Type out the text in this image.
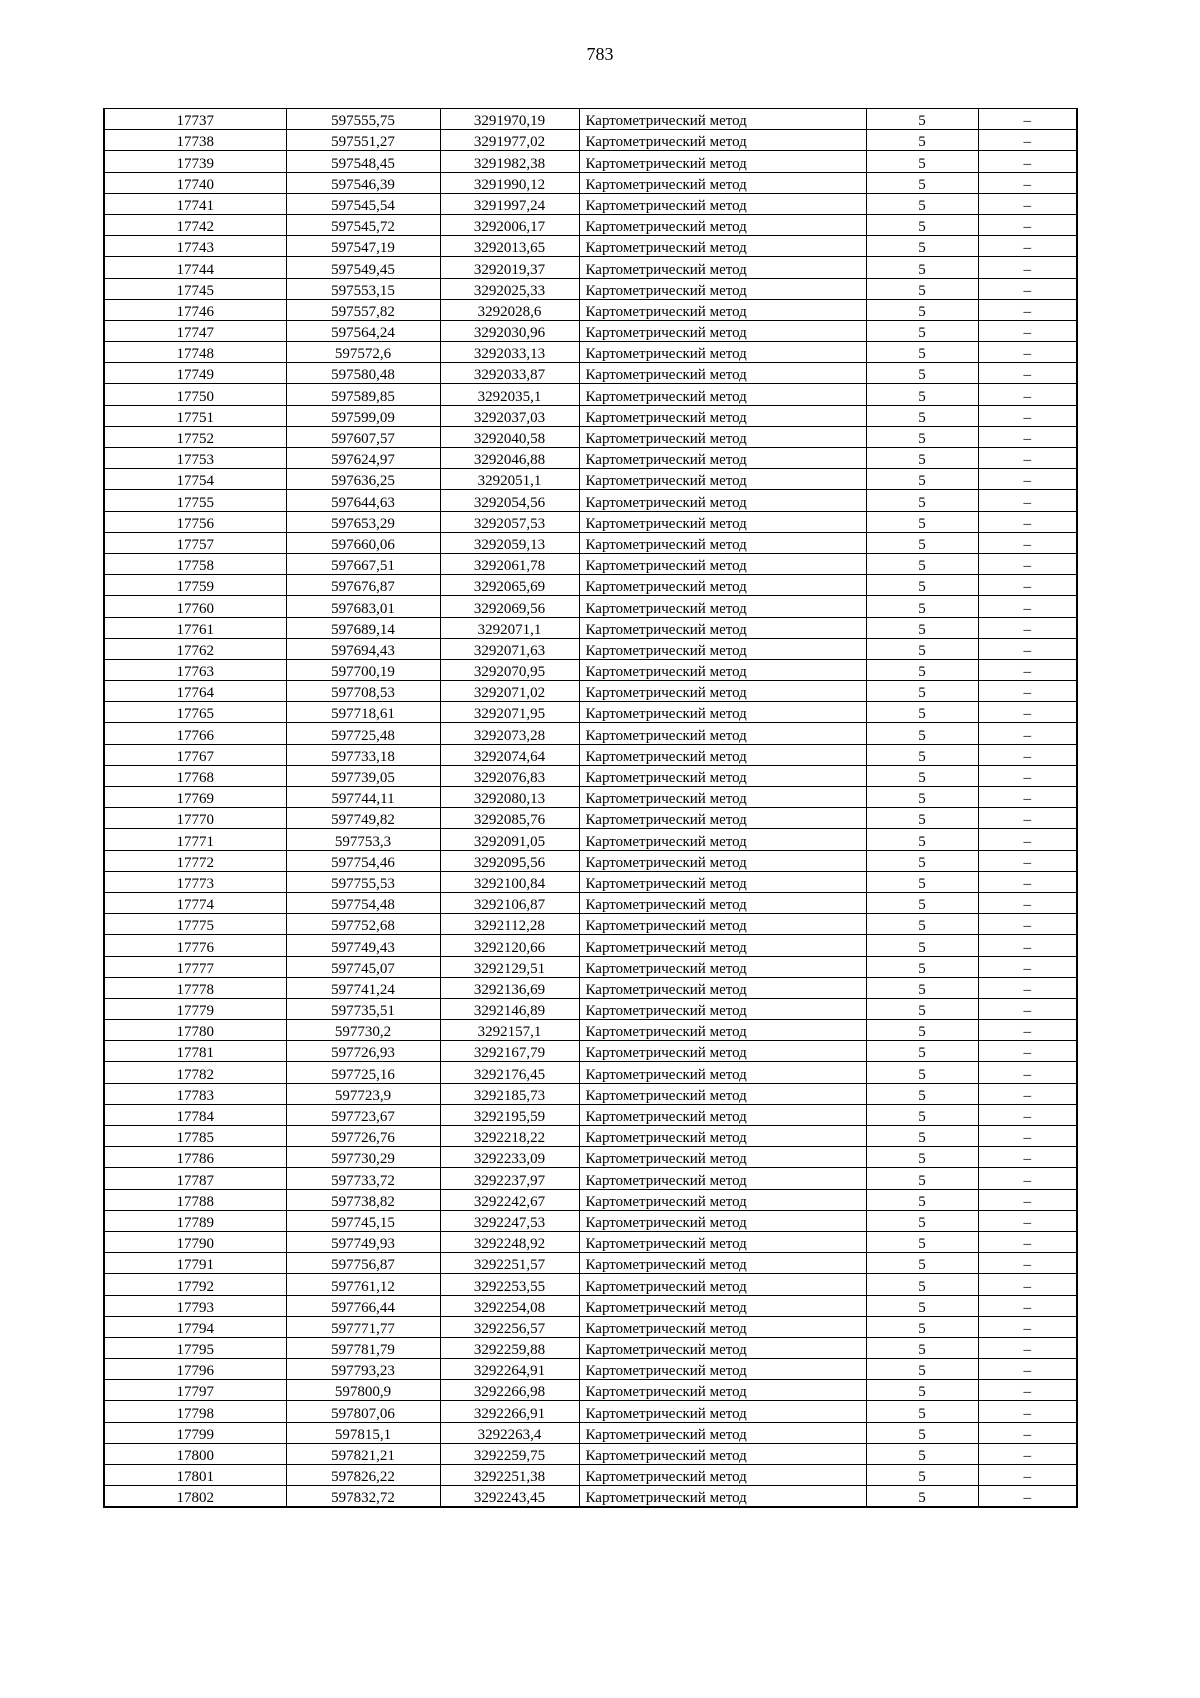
783
17737	597555,75	3291970,19	Картометрический метод	5	–
17738	597551,27	3291977,02	Картометрический метод	5	–
17739	597548,45	3291982,38	Картометрический метод	5	–
17740	597546,39	3291990,12	Картометрический метод	5	–
17741	597545,54	3291997,24	Картометрический метод	5	–
17742	597545,72	3292006,17	Картометрический метод	5	–
17743	597547,19	3292013,65	Картометрический метод	5	–
17744	597549,45	3292019,37	Картометрический метод	5	–
17745	597553,15	3292025,33	Картометрический метод	5	–
17746	597557,82	3292028,6	Картометрический метод	5	–
17747	597564,24	3292030,96	Картометрический метод	5	–
17748	597572,6	3292033,13	Картометрический метод	5	–
17749	597580,48	3292033,87	Картометрический метод	5	–
17750	597589,85	3292035,1	Картометрический метод	5	–
17751	597599,09	3292037,03	Картометрический метод	5	–
17752	597607,57	3292040,58	Картометрический метод	5	–
17753	597624,97	3292046,88	Картометрический метод	5	–
17754	597636,25	3292051,1	Картометрический метод	5	–
17755	597644,63	3292054,56	Картометрический метод	5	–
17756	597653,29	3292057,53	Картометрический метод	5	–
17757	597660,06	3292059,13	Картометрический метод	5	–
17758	597667,51	3292061,78	Картометрический метод	5	–
17759	597676,87	3292065,69	Картометрический метод	5	–
17760	597683,01	3292069,56	Картометрический метод	5	–
17761	597689,14	3292071,1	Картометрический метод	5	–
17762	597694,43	3292071,63	Картометрический метод	5	–
17763	597700,19	3292070,95	Картометрический метод	5	–
17764	597708,53	3292071,02	Картометрический метод	5	–
17765	597718,61	3292071,95	Картометрический метод	5	–
17766	597725,48	3292073,28	Картометрический метод	5	–
17767	597733,18	3292074,64	Картометрический метод	5	–
17768	597739,05	3292076,83	Картометрический метод	5	–
17769	597744,11	3292080,13	Картометрический метод	5	–
17770	597749,82	3292085,76	Картометрический метод	5	–
17771	597753,3	3292091,05	Картометрический метод	5	–
17772	597754,46	3292095,56	Картометрический метод	5	–
17773	597755,53	3292100,84	Картометрический метод	5	–
17774	597754,48	3292106,87	Картометрический метод	5	–
17775	597752,68	3292112,28	Картометрический метод	5	–
17776	597749,43	3292120,66	Картометрический метод	5	–
17777	597745,07	3292129,51	Картометрический метод	5	–
17778	597741,24	3292136,69	Картометрический метод	5	–
17779	597735,51	3292146,89	Картометрический метод	5	–
17780	597730,2	3292157,1	Картометрический метод	5	–
17781	597726,93	3292167,79	Картометрический метод	5	–
17782	597725,16	3292176,45	Картометрический метод	5	–
17783	597723,9	3292185,73	Картометрический метод	5	–
17784	597723,67	3292195,59	Картометрический метод	5	–
17785	597726,76	3292218,22	Картометрический метод	5	–
17786	597730,29	3292233,09	Картометрический метод	5	–
17787	597733,72	3292237,97	Картометрический метод	5	–
17788	597738,82	3292242,67	Картометрический метод	5	–
17789	597745,15	3292247,53	Картометрический метод	5	–
17790	597749,93	3292248,92	Картометрический метод	5	–
17791	597756,87	3292251,57	Картометрический метод	5	–
17792	597761,12	3292253,55	Картометрический метод	5	–
17793	597766,44	3292254,08	Картометрический метод	5	–
17794	597771,77	3292256,57	Картометрический метод	5	–
17795	597781,79	3292259,88	Картометрический метод	5	–
17796	597793,23	3292264,91	Картометрический метод	5	–
17797	597800,9	3292266,98	Картометрический метод	5	–
17798	597807,06	3292266,91	Картометрический метод	5	–
17799	597815,1	3292263,4	Картометрический метод	5	–
17800	597821,21	3292259,75	Картометрический метод	5	–
17801	597826,22	3292251,38	Картометрический метод	5	–
17802	597832,72	3292243,45	Картометрический метод	5	–
